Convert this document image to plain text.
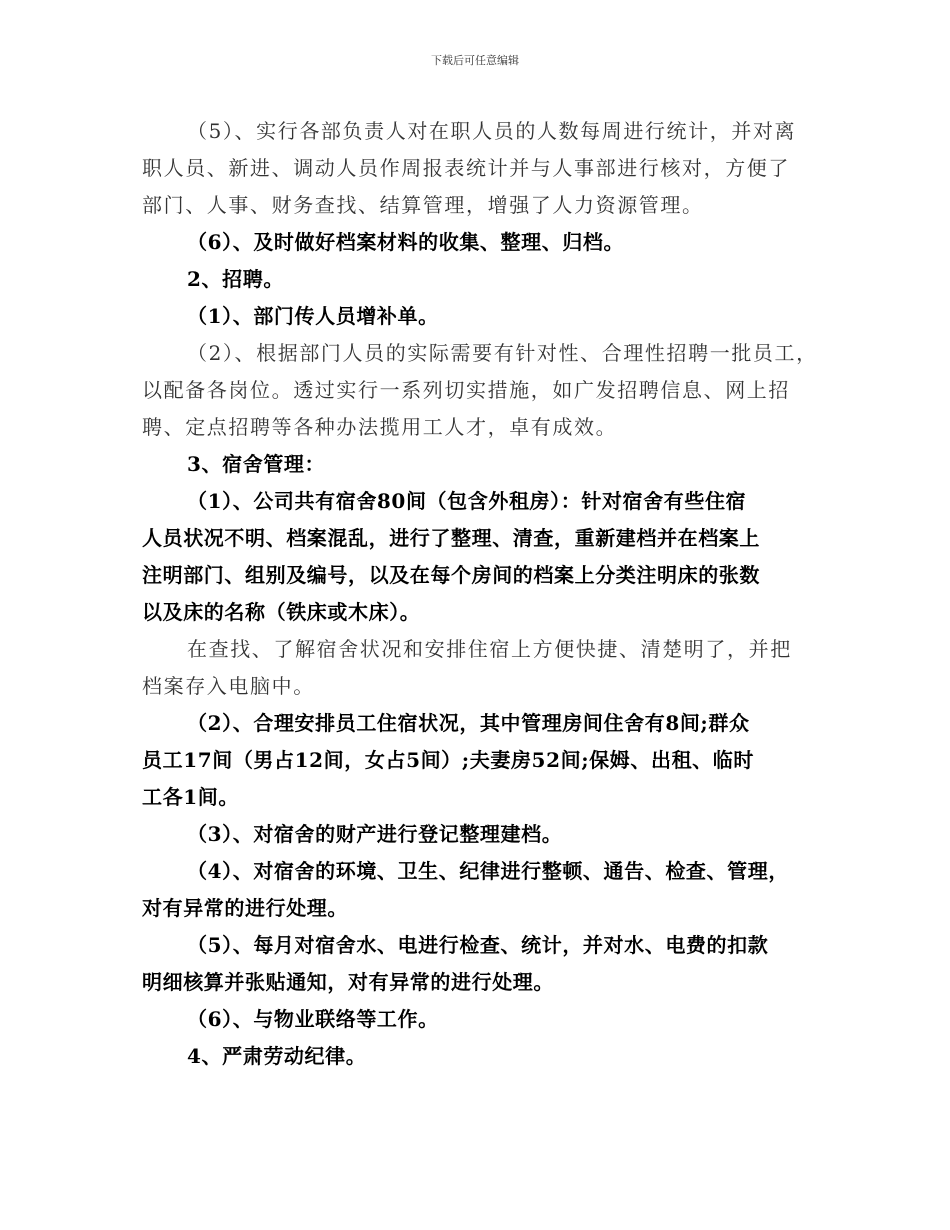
下载后可任意编辑
（5）、实行各部负责人对在职人员的人数每周进行统计，并对离
职人员、新进、调动人员作周报表统计并与人事部进行核对，方便了
部门、人事、财务查找、结算管理，增强了人力资源管理。
（6）、及时做好档案材料的收集、整理、归档。
2、招聘。
（1）、部门传人员增补单。
（2）、根据部门人员的实际需要有针对性、合理性招聘一批员工，
以配备各岗位。透过实行一系列切实措施，如广发招聘信息、网上招
聘、定点招聘等各种办法揽用工人才，卓有成效。
3、宿舍管理：
（1）、公司共有宿舍80间（包含外租房）：针对宿舍有些住宿
人员状况不明、档案混乱，进行了整理、清查，重新建档并在档案上
注明部门、组别及编号，以及在每个房间的档案上分类注明床的张数
以及床的名称（铁床或木床）。
在查找、了解宿舍状况和安排住宿上方便快捷、清楚明了，并把
档案存入电脑中。
（2）、合理安排员工住宿状况，其中管理房间住舍有8间;群众
员工17间（男占12间，女占5间）;夫妻房52间;保姆、出租、临时
工各1间。
（3）、对宿舍的财产进行登记整理建档。
（4）、对宿舍的环境、卫生、纪律进行整顿、通告、检查、管理，
对有异常的进行处理。
（5）、每月对宿舍水、电进行检查、统计，并对水、电费的扣款
明细核算并张贴通知，对有异常的进行处理。
（6）、与物业联络等工作。
4、严肃劳动纪律。
